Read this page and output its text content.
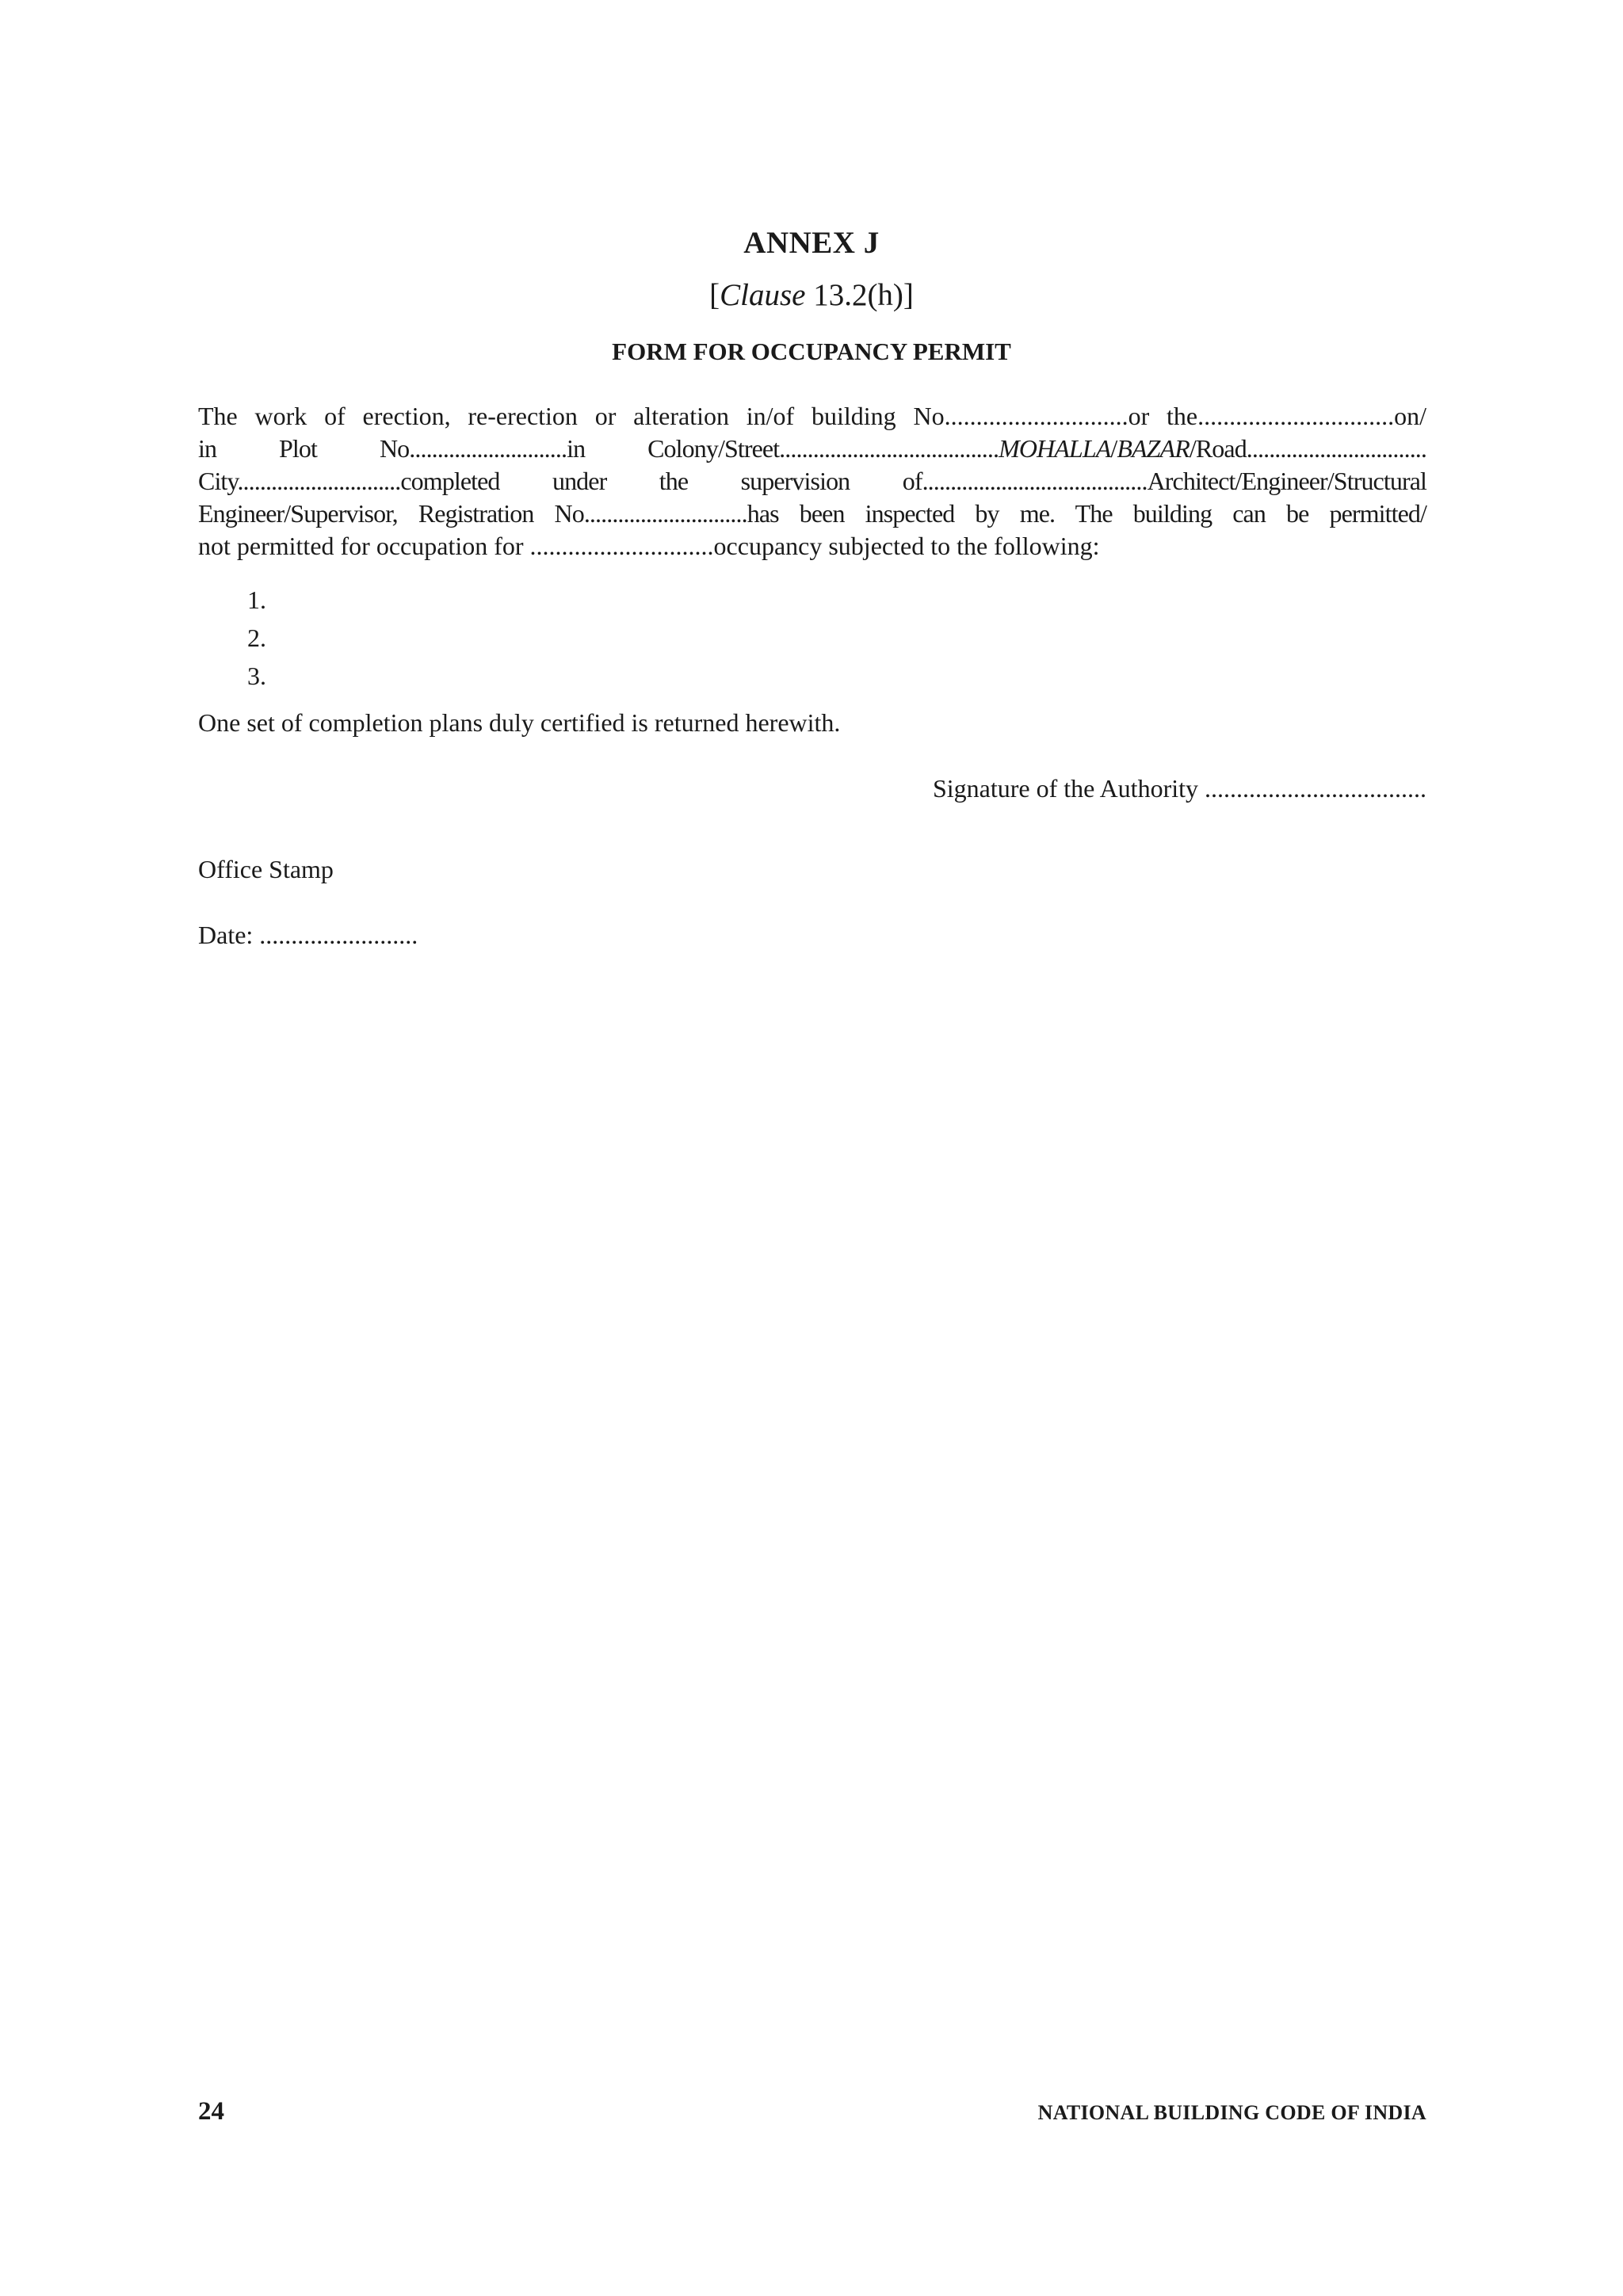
ANNEX J
[Clause 13.2(h)]
FORM FOR OCCUPANCY PERMIT
The work of erection, re-erection or alteration in/of building No.............................or the...............................on/
in Plot No............................in Colony/Street.......................................MOHALLA/BAZAR/Road................................
City.............................completed under the supervision of........................................Architect/Engineer/Structural
Engineer/Supervisor, Registration No.............................has been inspected by me. The building can be permitted/
not permitted for occupation for .............................occupancy subjected to the following:
1.
2.
3.
One set of completion plans duly certified is returned herewith.
Signature of the Authority ...................................
Office Stamp
Date: .........................
24	NATIONAL BUILDING CODE OF INDIA
